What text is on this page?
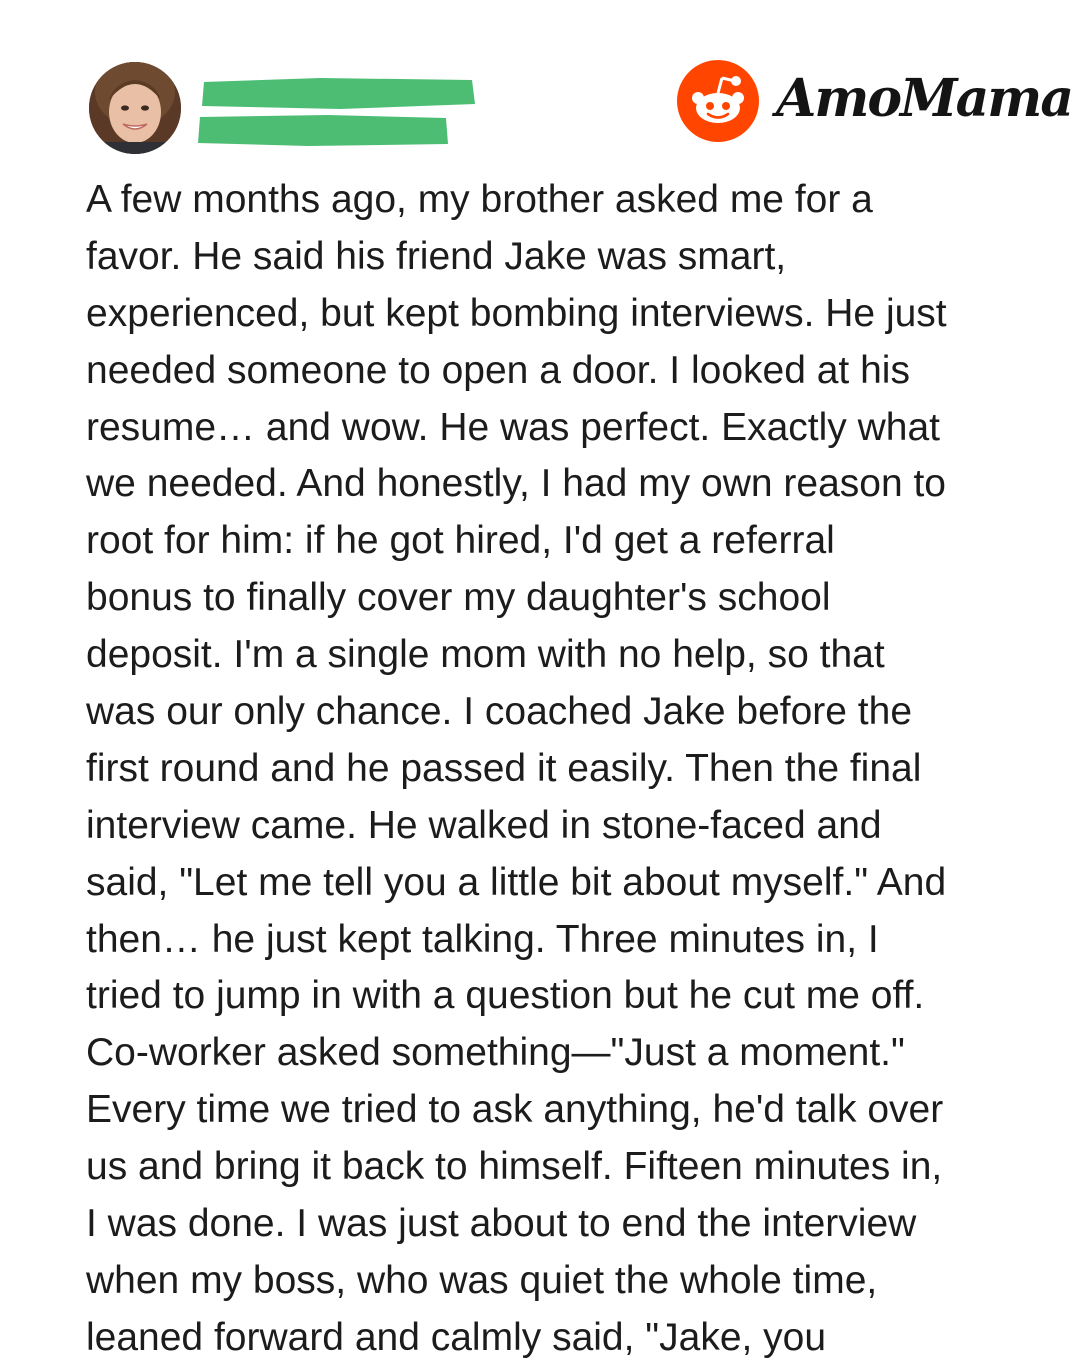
AmoMama
A few months ago, my brother asked me for a
favor. He said his friend Jake was smart,
experienced, but kept bombing interviews. He just
needed someone to open a door. I looked at his
resume… and wow. He was perfect. Exactly what
we needed. And honestly, I had my own reason to
root for him: if he got hired, I'd get a referral
bonus to finally cover my daughter's school
deposit. I'm a single mom with no help, so that
was our only chance. I coached Jake before the
first round and he passed it easily. Then the final
interview came. He walked in stone-faced and
said, "Let me tell you a little bit about myself." And
then… he just kept talking. Three minutes in, I
tried to jump in with a question but he cut me off.
Co-worker asked something—"Just a moment."
Every time we tried to ask anything, he'd talk over
us and bring it back to himself. Fifteen minutes in,
I was done. I was just about to end the interview
when my boss, who was quiet the whole time,
leaned forward and calmly said, "Jake, you
